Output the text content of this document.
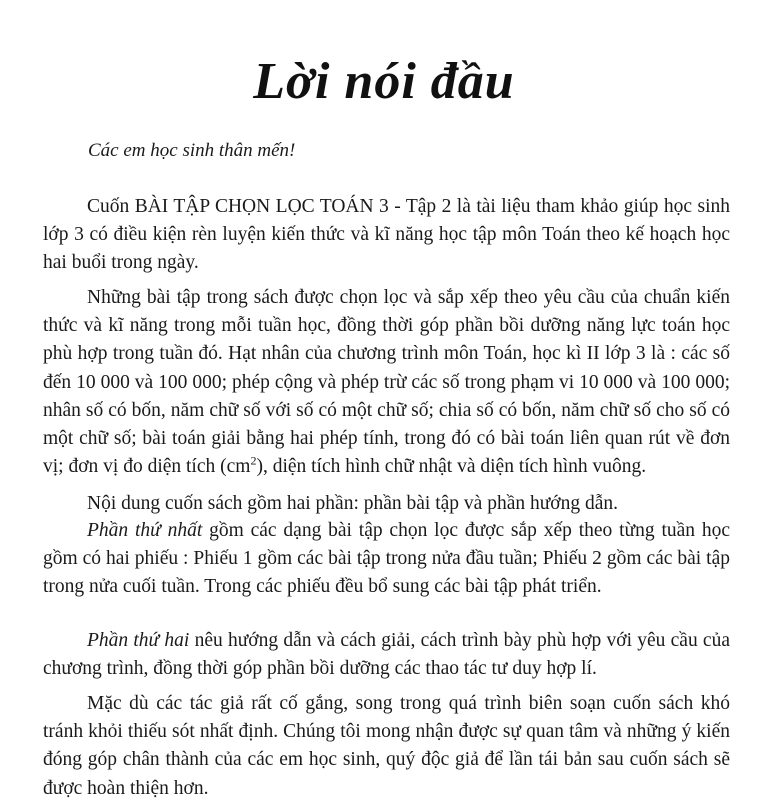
Lời nói đầu
Các em học sinh thân mến!

Cuốn BÀI TẬP CHỌN LỌC TOÁN 3 - Tập 2 là tài liệu tham khảo giúp học sinh lớp 3 có điều kiện rèn luyện kiến thức và kĩ năng học tập môn Toán theo kế hoạch học hai buổi trong ngày.

Những bài tập trong sách được chọn lọc và sắp xếp theo yêu cầu của chuẩn kiến thức và kĩ năng trong mỗi tuần học, đồng thời góp phần bồi dưỡng năng lực toán học phù hợp trong tuần đó. Hạt nhân của chương trình môn Toán, học kì II lớp 3 là : các số đến 10 000 và 100 000; phép cộng và phép trừ các số trong phạm vi 10 000 và 100 000; nhân số có bốn, năm chữ số với số có một chữ số; chia số có bốn, năm chữ số cho số có một chữ số; bài toán giải bằng hai phép tính, trong đó có bài toán liên quan rút về đơn vị; đơn vị đo diện tích $(cm^2)$, diện tích hình chữ nhật và diện tích hình vuông.

Nội dung cuốn sách gồm hai phần: phần bài tập và phần hướng dẫn.

Phần thứ nhất gồm các dạng bài tập chọn lọc được sắp xếp theo từng tuần học gồm có hai phiếu : Phiếu 1 gồm các bài tập trong nửa đầu tuần; Phiếu 2 gồm các bài tập trong nửa cuối tuần. Trong các phiếu đều bổ sung các bài tập phát triển.

Phần thứ hai nêu hướng dẫn và cách giải, cách trình bày phù hợp với yêu cầu của chương trình, đồng thời góp phần bồi dưỡng các thao tác tư duy hợp lí.

Mặc dù các tác giả rất cố gắng, song trong quá trình biên soạn cuốn sách khó tránh khỏi thiếu sót nhất định. Chúng tôi mong nhận được sự quan tâm và những ý kiến đóng góp chân thành của các em học sinh, quý độc giả để lần tái bản sau cuốn sách sẽ được hoàn thiện hơn.
